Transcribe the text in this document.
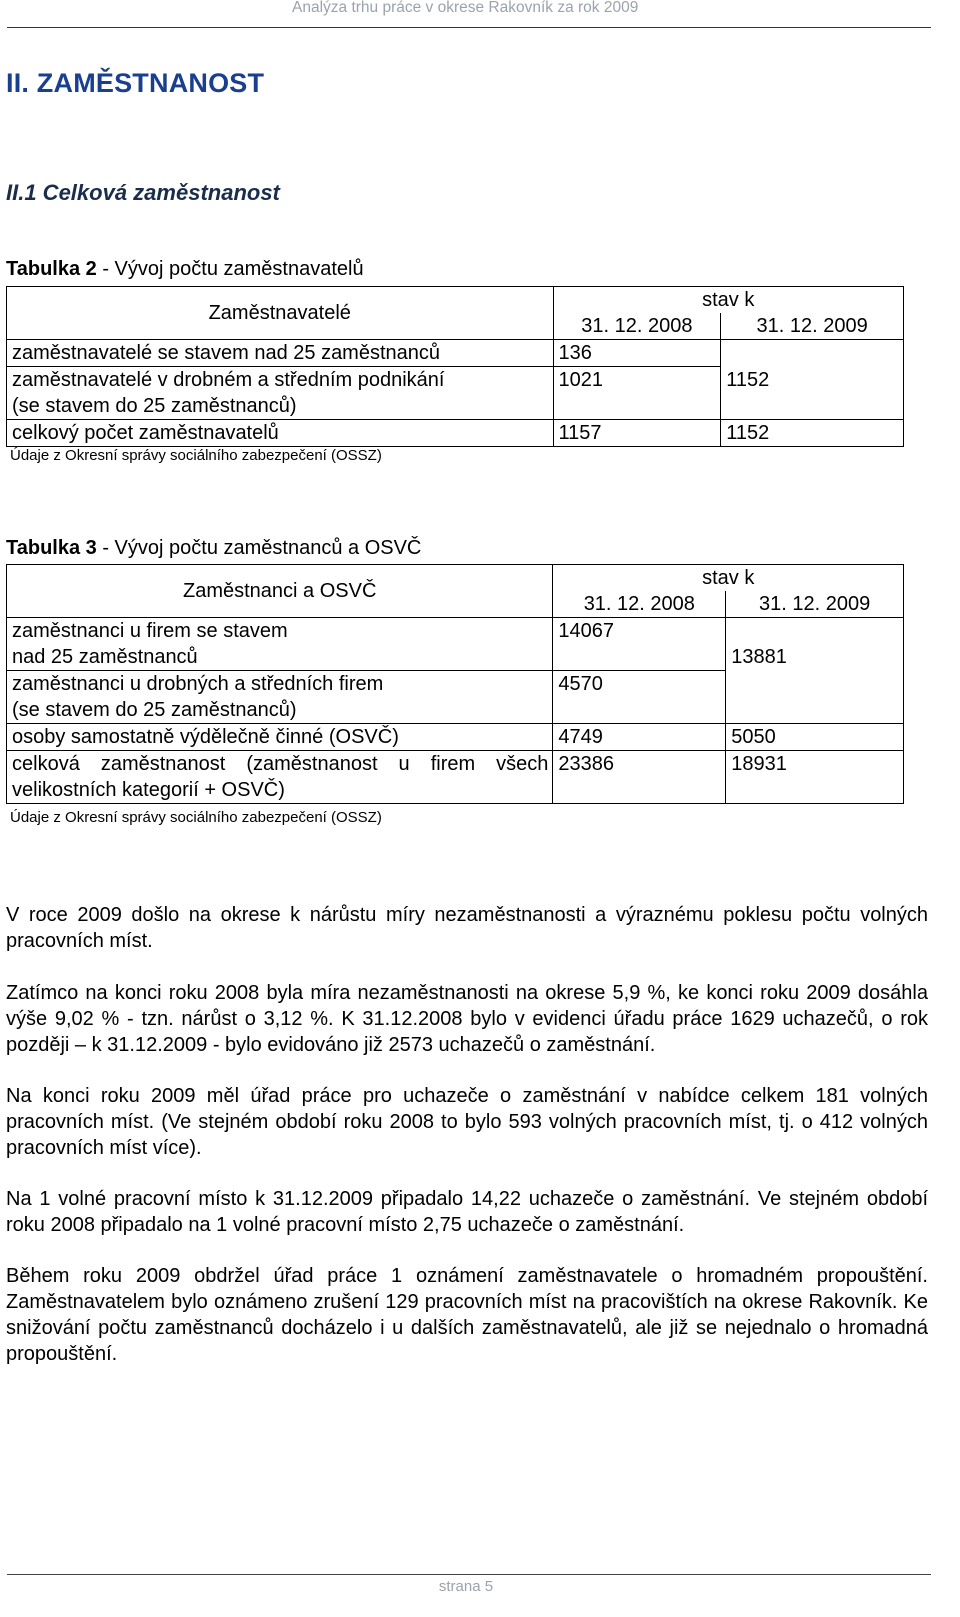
Analýza trhu práce v okrese Rakovník za rok 2009
II. ZAMĚSTNANOST
II.1 Celková zaměstnanost

Tabulka 2 - Vývoj počtu zaměstnavatelů

Zaměstnavatelé	stav k	
	31. 12. 2008	31. 12. 2009
zaměstnavatelé se stavem nad 25 zaměstnanců	136	1152

zaměstnavatelé v drobném a středním podnikání
(se stavem do 25 zaměstnanců)	1021	
celkový počet zaměstnavatelů	1157	1152
Údaje z Okresní správy sociálního zabezpečení (OSSZ)

Tabulka 3 - Vývoj počtu zaměstnanců a OSVČ

Zaměstnanci a OSVČ	stav k	
	31. 12. 2008	31. 12. 2009

zaměstnanci u firem se stavem
nad 25 zaměstnanců	14067	13881

zaměstnanci u drobných a středních firem
(se stavem do 25 zaměstnanců)	4570	
osoby samostatně výdělečně činné (OSVČ)	4749	5050
celková zaměstnanost (zaměstnanost u firem všech velikostních kategorií + OSVČ)	23386	18931
Údaje z Okresní správy sociálního zabezpečení (OSSZ)

V roce 2009 došlo na okrese k nárůstu míry nezaměstnanosti a výraznému poklesu počtu volných pracovních míst.

Zatímco na konci roku 2008 byla míra nezaměstnanosti na okrese 5,9 %, ke konci roku 2009 dosáhla výše 9,02 % - tzn. nárůst o 3,12 %. K 31.12.2008 bylo v evidenci úřadu práce 1629 uchazečů, o rok později – k 31.12.2009 - bylo evidováno již 2573 uchazečů o zaměstnání.

Na konci roku 2009 měl úřad práce pro uchazeče o zaměstnání v nabídce celkem 181 volných pracovních míst. (Ve stejném období roku 2008 to bylo 593 volných pracovních míst, tj. o 412 volných pracovních míst více).

Na 1 volné pracovní místo k 31.12.2009 připadalo 14,22 uchazeče o zaměstnání. Ve stejném období roku 2008 připadalo na 1 volné pracovní místo 2,75 uchazeče o zaměstnání.

Během roku 2009 obdržel úřad práce 1 oznámení zaměstnavatele o hromadném propouštění. Zaměstnavatelem bylo oznámeno zrušení 129 pracovních míst na pracovištích na okrese Rakovník. Ke snižování počtu zaměstnanců docházelo i u dalších zaměstnavatelů, ale již se nejednalo o hromadná propouštění.

strana 5
